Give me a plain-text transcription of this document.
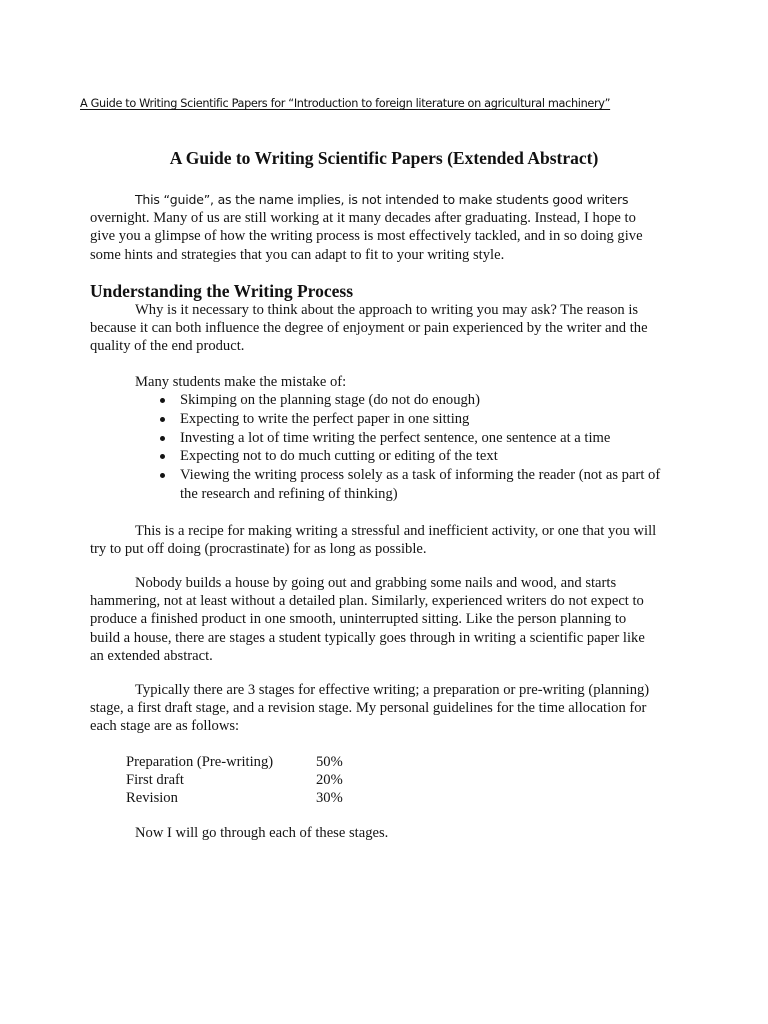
A Guide to Writing Scientific Papers for “Introduction to foreign literature on agricultural machinery”
A Guide to Writing Scientific Papers (Extended Abstract)
This “guide”, as the name implies, is not intended to make students good writers
overnight. Many of us are still working at it many decades after graduating. Instead, I hope to
give you a glimpse of how the writing process is most effectively tackled, and in so doing give
some hints and strategies that you can adapt to fit to your writing style.
Understanding the Writing Process
Why is it necessary to think about the approach to writing you may ask? The reason is
because it can both influence the degree of enjoyment or pain experienced by the writer and the
quality of the end product.
Many students make the mistake of:
Skimping on the planning stage (do not do enough)
Expecting to write the perfect paper in one sitting
Investing a lot of time writing the perfect sentence, one sentence at a time
Expecting not to do much cutting or editing of the text
Viewing the writing process solely as a task of informing the reader (not as part of
the research and refining of thinking)
This is a recipe for making writing a stressful and inefficient activity, or one that you will
try to put off doing (procrastinate) for as long as possible.
Nobody builds a house by going out and grabbing some nails and wood, and starts
hammering, not at least without a detailed plan. Similarly, experienced writers do not expect to
produce a finished product in one smooth, uninterrupted sitting. Like the person planning to
build a house, there are stages a student typically goes through in writing a scientific paper like
an extended abstract.
Typically there are 3 stages for effective writing; a preparation or pre-writing (planning)
stage, a first draft stage, and a revision stage. My personal guidelines for the time allocation for
each stage are as follows:
Preparation (Pre-writing)	50%
First draft	20%
Revision	30%
Now I will go through each of these stages.
